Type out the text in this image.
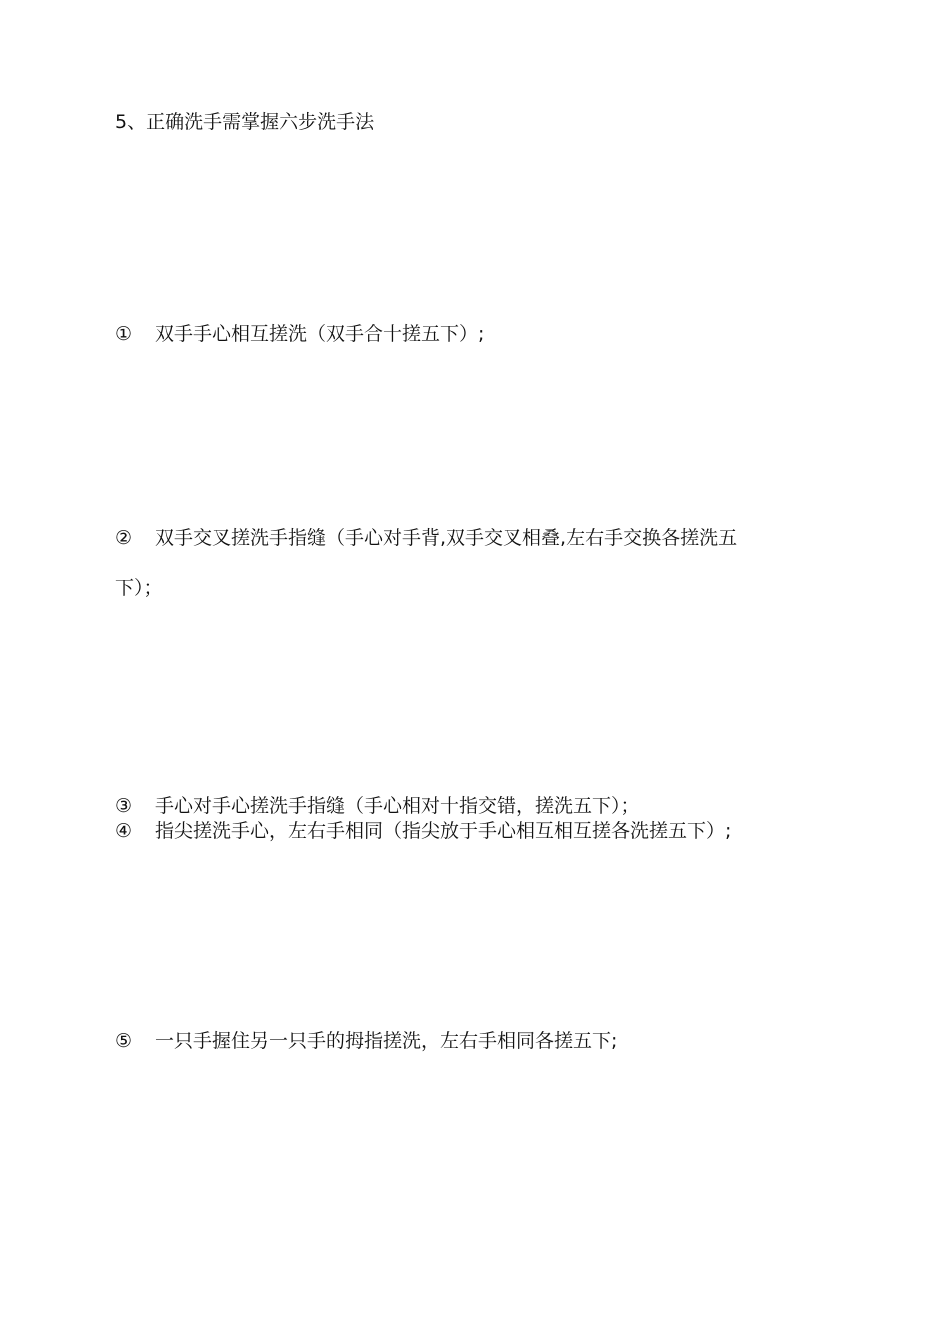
5、正确洗手需掌握六步洗手法
① 双手手心相互搓洗（双手合十搓五下）;
② 双手交叉搓洗手指缝（手心对手背,双手交叉相叠,左右手交换各搓洗五
下）；
③ 手心对手心搓洗手指缝（手心相对十指交错，搓洗五下）；
④ 指尖搓洗手心，左右手相同（指尖放于手心相互相互搓各洗搓五下）;
⑤ 一只手握住另一只手的拇指搓洗，左右手相同各搓五下;
